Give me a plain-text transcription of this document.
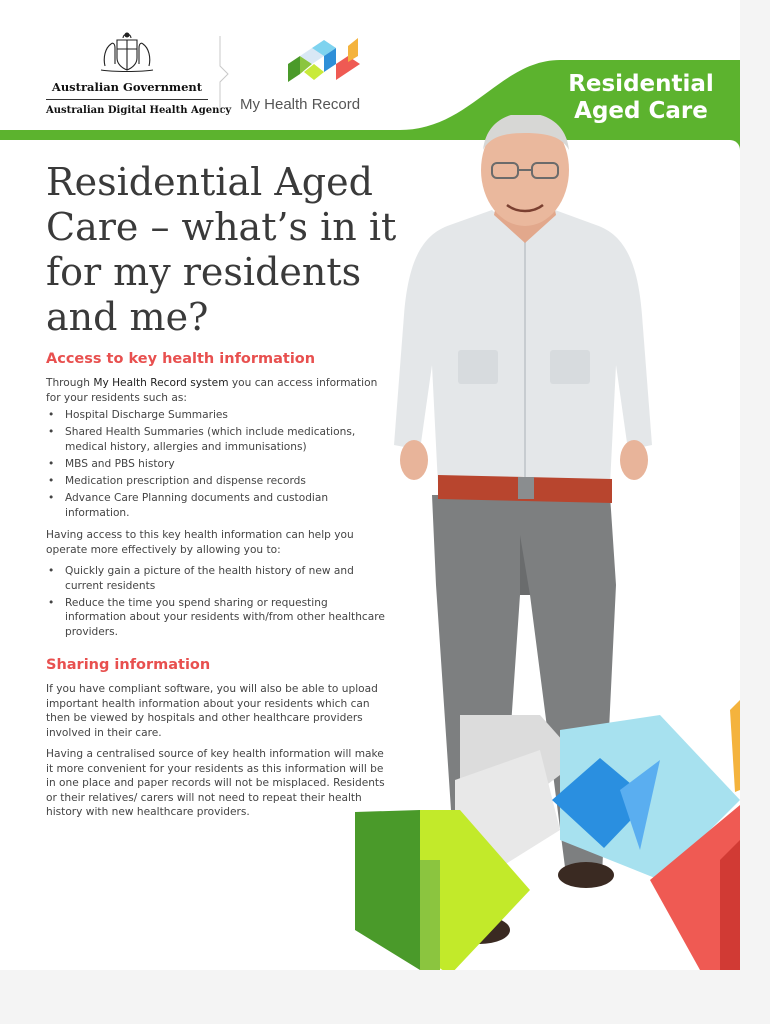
Australian Government
Australian Digital Health Agency My Health Record
Residential
Aged Care
Residential Aged Care – what’s in it for my residents and me?
Access to key health information

Through My Health Record system you can access information for your residents such as:

• Hospital Discharge Summaries
• Shared Health Summaries (which include medications, medical history, allergies and immunisations)
• MBS and PBS history
• Medication prescription and dispense records
• Advance Care Planning documents and custodian information.

Having access to this key health information can help you operate more effectively by allowing you to:

• Quickly gain a picture of the health history of new and current residents
• Reduce the time you spend sharing or requesting information about your residents with/from other healthcare providers.
Sharing information

If you have compliant software, you will also be able to upload important health information about your residents which can then be viewed by hospitals and other healthcare providers involved in their care.

Having a centralised source of key health information will make it more convenient for your residents as this information will be in one place and paper records will not be misplaced. Residents or their relatives/ carers will not need to repeat their health history with new healthcare providers.
